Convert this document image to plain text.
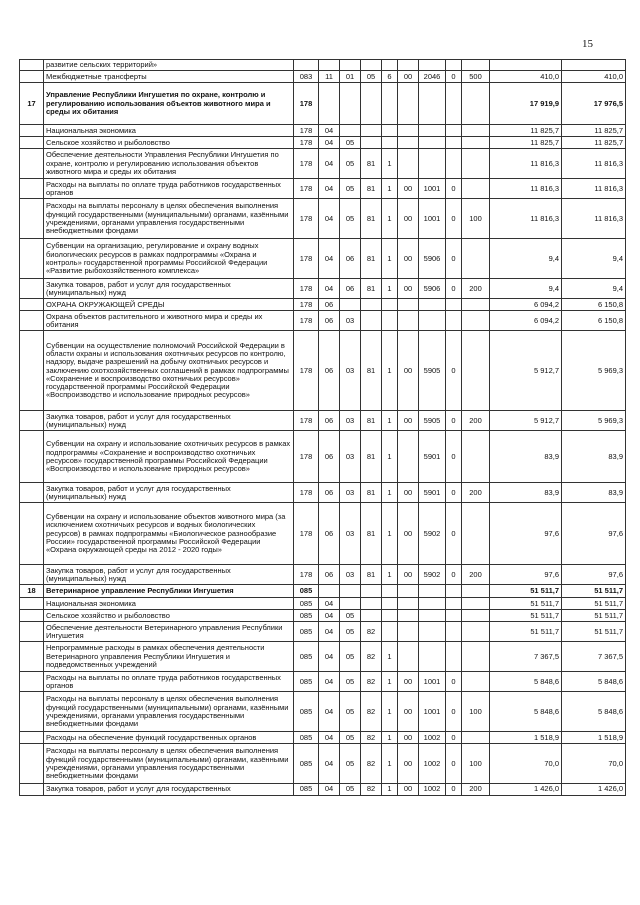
15
	развитие сельских территорий»											
	Межбюджетные трансферты	083	11	01	05	6	00	2046	0	500	410,0	410,0
17	Управление Республики Ингушетия по охране, контролю и регулированию использования объектов животного мира и среды их обитания	178									17 919,9	17 976,5
	Национальная экономика	178	04								11 825,7	11 825,7
	Сельское хозяйство и рыболовство	178	04	05							11 825,7	11 825,7
	Обеспечение деятельности Управления Республики Ингушетия по охране, контролю и регулированию использования объектов животного мира и среды их обитания	178	04	05	81	1					11 816,3	11 816,3
	Расходы на выплаты по оплате труда работников государственных органов	178	04	05	81	1	00	1001	0		11 816,3	11 816,3
	Расходы на выплаты персоналу в целях обеспечения выполнения функций государственными (муниципальными) органами, казёнными учреждениями, органами управления государственными внебюджетными фондами	178	04	05	81	1	00	1001	0	100	11 816,3	11 816,3
	Субвенции на организацию, регулирование и охрану водных биологических ресурсов в рамках подпрограммы «Охрана и контроль» государственной программы Российской Федерации «Развитие рыбохозяйственного комплекса»	178	04	06	81	1	00	5906	0		9,4	9,4
	Закупка товаров, работ и услуг для государственных (муниципальных) нужд	178	04	06	81	1	00	5906	0	200	9,4	9,4
	ОХРАНА ОКРУЖАЮЩЕЙ СРЕДЫ	178	06								6 094,2	6 150,8
	Охрана объектов растительного и животного мира и среды их обитания	178	06	03							6 094,2	6 150,8
	Субвенции на осуществление полномочий Российской Федерации в области охраны и использования охотничьих ресурсов по контролю, надзору, выдаче разрешений на добычу охотничьих ресурсов и заключению охотхозяйственных соглашений в рамках подпрограммы «Сохранение и воспроизводство охотничьих ресурсов» государственной программы Российской Федерации «Воспроизводство и использование природных ресурсов»	178	06	03	81	1	00	5905	0		5 912,7	5 969,3
	Закупка товаров, работ и услуг для государственных (муниципальных) нужд	178	06	03	81	1	00	5905	0	200	5 912,7	5 969,3
	Субвенции на охрану и использование охотничьих ресурсов в рамках подпрограммы «Сохранение и воспроизводство охотничьих ресурсов» государственной программы Российской Федерации «Воспроизводство и использование природных ресурсов»	178	06	03	81	1		5901	0		83,9	83,9
	Закупка товаров, работ и услуг для государственных (муниципальных) нужд	178	06	03	81	1	00	5901	0	200	83,9	83,9
	Субвенции на охрану и использование объектов животного мира (за исключением охотничьих ресурсов и водных биологических ресурсов) в рамках подпрограммы «Биологическое разнообразие России» государственной программы Российской Федерации «Охрана окружающей среды на 2012 - 2020 годы»	178	06	03	81	1	00	5902	0		97,6	97,6
	Закупка товаров, работ и услуг для государственных (муниципальных) нужд	178	06	03	81	1	00	5902	0	200	97,6	97,6
18	Ветеринарное управление Республики Ингушетия	085									51 511,7	51 511,7
	Национальная экономика	085	04								51 511,7	51 511,7
	Сельское хозяйство и рыболовство	085	04	05							51 511,7	51 511,7
	Обеспечение деятельности Ветеринарного управления Республики Ингушетия	085	04	05	82						51 511,7	51 511,7
	Непрограммные расходы в рамках обеспечения деятельности Ветеринарного управления Республики Ингушетия и подведомственных учреждений	085	04	05	82	1					7 367,5	7 367,5
	Расходы на выплаты по оплате труда работников государственных органов	085	04	05	82	1	00	1001	0		5 848,6	5 848,6
	Расходы на выплаты персоналу в целях обеспечения выполнения функций государственными (муниципальными) органами, казёнными учреждениями, органами управления государственными внебюджетными фондами	085	04	05	82	1	00	1001	0	100	5 848,6	5 848,6
	Расходы на обеспечение функций государственных органов	085	04	05	82	1	00	1002	0		1 518,9	1 518,9
	Расходы на выплаты персоналу в целях обеспечения выполнения функций государственными (муниципальными) органами, казёнными учреждениями, органами управления государственными внебюджетными фондами	085	04	05	82	1	00	1002	0	100	70,0	70,0
	Закупка товаров, работ и услуг для государственных	085	04	05	82	1	00	1002	0	200	1 426,0	1 426,0
